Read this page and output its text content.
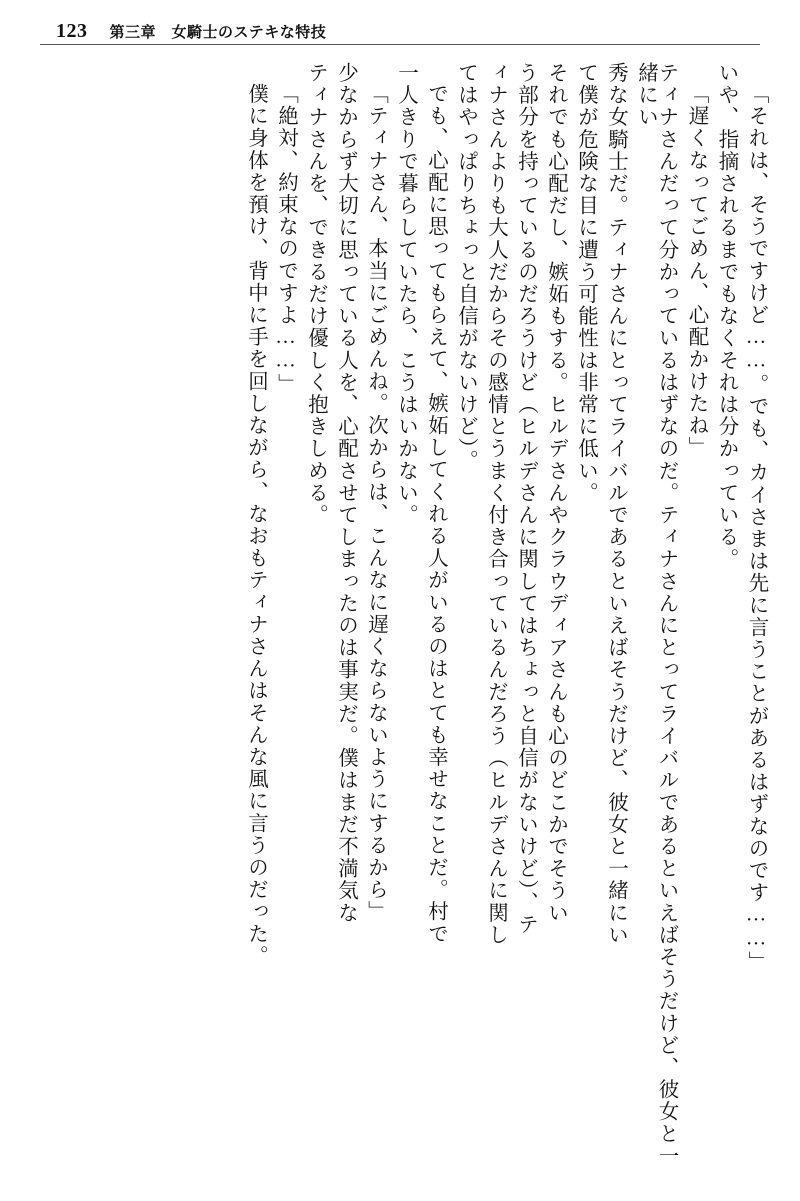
123 第三章　女騎士のステキな特技
「それは、そうですけど……。でも、カイさまは先に言うことがあるはずなのです……」
いや、指摘されるまでもなくそれは分かっている。
「遅くなってごめん、心配かけたね」
ティナさんだって分かっているはずなのだ。ティナさんにとってライバルであるといえばそうだけど、彼女と一緒にい
秀な女騎士だ。ティナさんにとってライバルであるといえばそうだけど、彼女と一緒にい
て僕が危険な目に遭う可能性は非常に低い。
それでも心配だし、嫉妬もする。ヒルデさんやクラウディアさんも心のどこかでそうい
う部分を持っているのだろうけど（ヒルデさんに関してはちょっと自信がないけど）、テ
ィナさんよりも大人だからその感情とうまく付き合っているんだろう（ヒルデさんに関し
てはやっぱりちょっと自信がないけど）。
でも、心配に思ってもらえて、嫉妬してくれる人がいるのはとても幸せなことだ。村で
一人きりで暮らしていたら、こうはいかない。
「ティナさん、本当にごめんね。次からは、こんなに遅くならないようにするから」
少なからず大切に思っている人を、心配させてしまったのは事実だ。僕はまだ不満気な
ティナさんを、できるだけ優しく抱きしめる。
「絶対、約束なのですよ……」
僕に身体を預け、背中に手を回しながら、なおもティナさんはそんな風に言うのだった。
